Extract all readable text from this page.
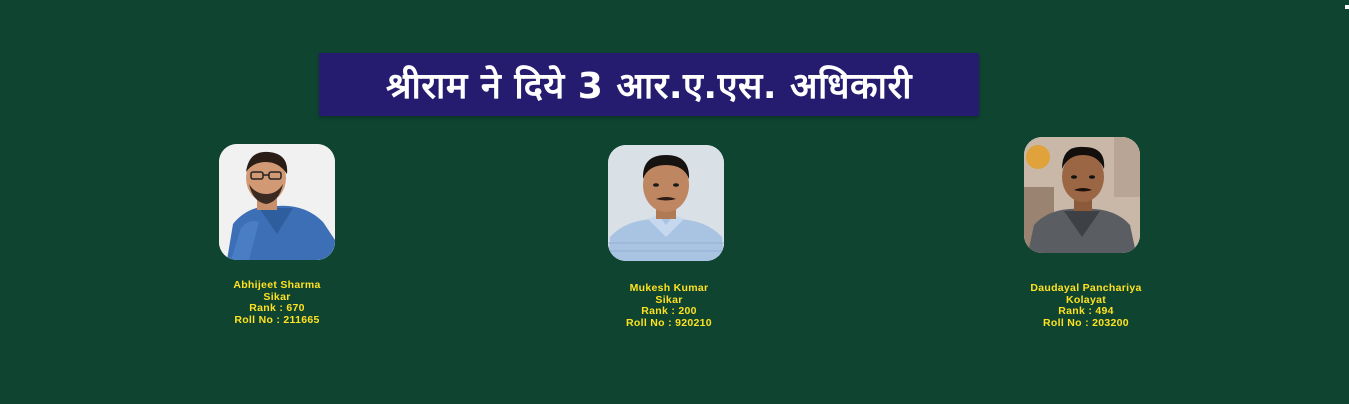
श्रीराम ने दिये 3 आर.ए.एस. अधिकारी
Abhijeet Sharma
Sikar
Rank : 670
Roll No : 211665
Mukesh Kumar
Sikar
Rank : 200
Roll No : 920210
Daudayal Panchariya
Kolayat
Rank : 494
Roll No : 203200
